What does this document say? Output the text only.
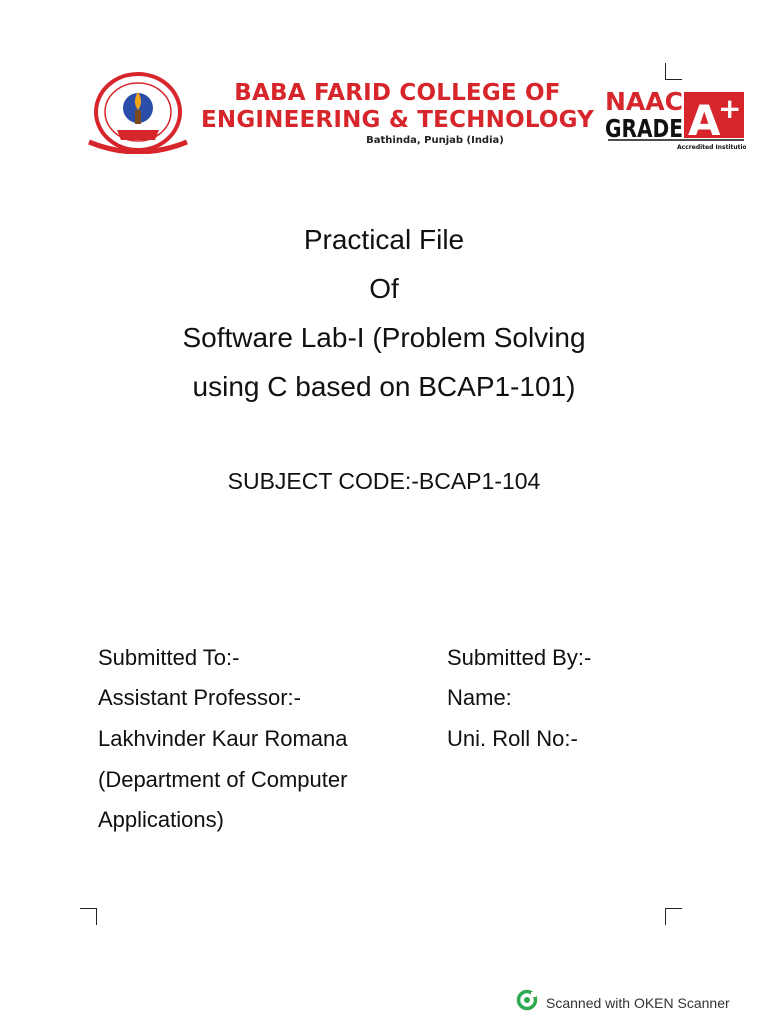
BABA FARID COLLEGE OF
ENGINEERING & TECHNOLOGY
Bathinda, Punjab (India)
NAAC
GRADE A
+
Accredited Institution
Practical File
Of
Software Lab-I (Problem Solving
using C based on BCAP1-101)
SUBJECT CODE:-BCAP1-104
Submitted To:-
Assistant Professor:-
Lakhvinder Kaur Romana
(Department of Computer
Applications)
Submitted By:-
Name:
Uni. Roll No:-
Scanned with OKEN Scanner
